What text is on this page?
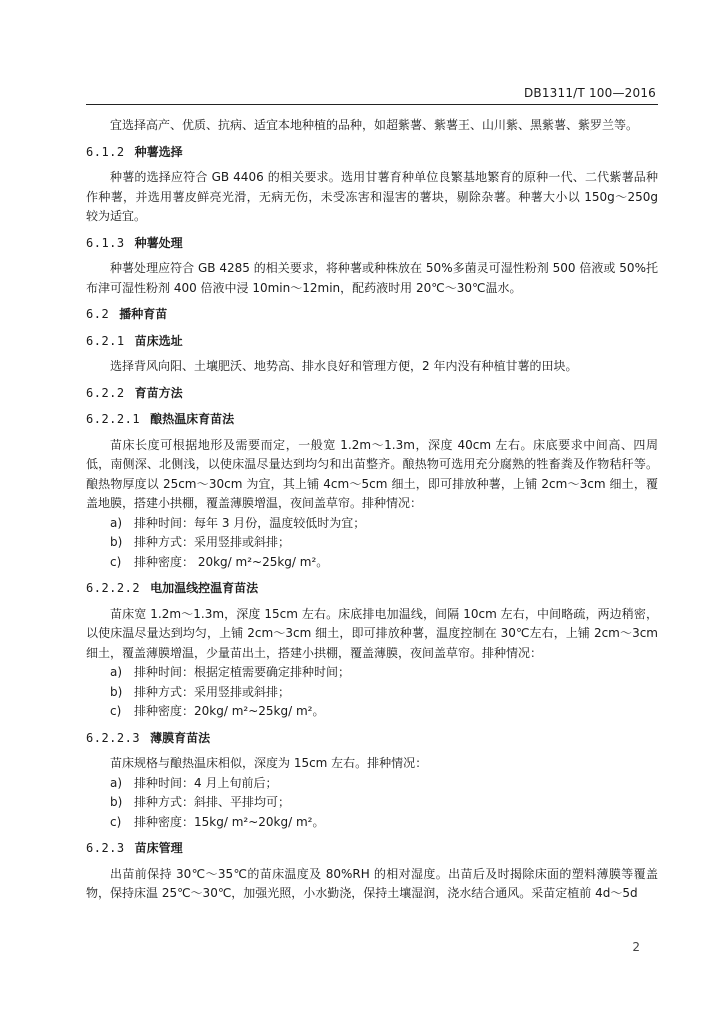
DB1311/T 100—2016

宜选择高产、优质、抗病、适宜本地种植的品种，如超紫薯、紫薯王、山川紫、黑紫薯、紫罗兰等。

6.1.2 种薯选择

种薯的选择应符合 GB 4406 的相关要求。选用甘薯育种单位良繁基地繁育的原种一代、二代紫薯品种作种薯，并选用薯皮鲜亮光滑，无病无伤，未受冻害和湿害的薯块，剔除杂薯。种薯大小以 150g～250g 较为适宜。

6.1.3 种薯处理

种薯处理应符合 GB 4285 的相关要求，将种薯或种株放在 50%多菌灵可湿性粉剂 500 倍液或 50%托布津可湿性粉剂 400 倍液中浸 10min～12min，配药液时用 20℃～30℃温水。

6.2 播种育苗
6.2.1 苗床选址

选择背风向阳、土壤肥沃、地势高、排水良好和管理方便，2 年内没有种植甘薯的田块。

6.2.2 育苗方法
6.2.2.1 酿热温床育苗法

苗床长度可根据地形及需要而定，一般宽 1.2m～1.3m，深度 40cm 左右。床底要求中间高、四周低，南侧深、北侧浅，以使床温尽量达到均匀和出苗整齐。酿热物可选用充分腐熟的牲畜粪及作物秸秆等。酿热物厚度以 25cm～30cm 为宜，其上铺 4cm～5cm 细土，即可排放种薯，上铺 2cm～3cm 细土，覆盖地膜，搭建小拱棚，覆盖薄膜增温，夜间盖草帘。排种情况：

a) 排种时间：每年 3 月份，温度较低时为宜；
b) 排种方式：采用竖排或斜排；
c) 排种密度： 20kg/ m²~25kg/ m²。
6.2.2.2 电加温线控温育苗法

苗床宽 1.2m～1.3m，深度 15cm 左右。床底排电加温线，间隔 10cm 左右，中间略疏，两边稍密，以使床温尽量达到均匀，上铺 2cm～3cm 细土，即可排放种薯，温度控制在 30℃左右，上铺 2cm～3cm 细土，覆盖薄膜增温，少量苗出土，搭建小拱棚，覆盖薄膜，夜间盖草帘。排种情况：

a) 排种时间：根据定植需要确定排种时间；
b) 排种方式：采用竖排或斜排；
c) 排种密度：20kg/ m²~25kg/ m²。
6.2.2.3 薄膜育苗法

苗床规格与酿热温床相似，深度为 15cm 左右。排种情况：

a) 排种时间：4 月上旬前后；
b) 排种方式：斜排、平排均可；
c) 排种密度：15kg/ m²~20kg/ m²。
6.2.3 苗床管理

出苗前保持 30℃～35℃的苗床温度及 80%RH 的相对湿度。出苗后及时揭除床面的塑料薄膜等覆盖物，保持床温 25℃～30℃，加强光照，小水勤浇，保持土壤湿润，浇水结合通风。采苗定植前 4d～5d

2
